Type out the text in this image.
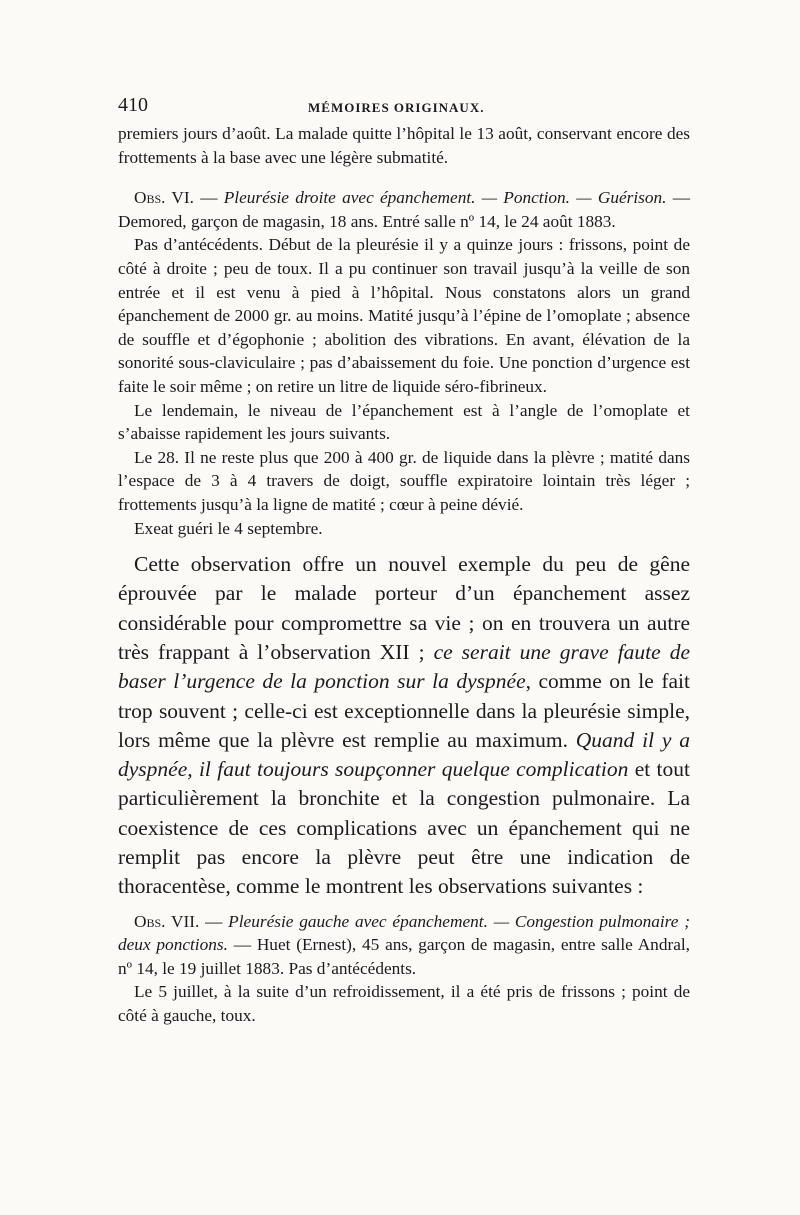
410	MÉMOIRES ORIGINAUX.

premiers jours d’août. La malade quitte l’hôpital le 13 août, conservant encore des frottements à la base avec une légère submatité.

Obs. VI. — Pleurésie droite avec épanchement. — Ponction. — Guérison. — Demored, garçon de magasin, 18 ans. Entré salle nº 14, le 24 août 1883.

Pas d’antécédents. Début de la pleurésie il y a quinze jours : frissons, point de côté à droite ; peu de toux. Il a pu continuer son travail jusqu’à la veille de son entrée et il est venu à pied à l’hôpital. Nous constatons alors un grand épanchement de 2000 gr. au moins. Matité jusqu’à l’épine de l’omoplate ; absence de souffle et d’égophonie ; abolition des vibrations. En avant, élévation de la sonorité sous-claviculaire ; pas d’abaissement du foie. Une ponction d’urgence est faite le soir même ; on retire un litre de liquide séro-fibrineux.

Le lendemain, le niveau de l’épanchement est à l’angle de l’omoplate et s’abaisse rapidement les jours suivants.

Le 28. Il ne reste plus que 200 à 400 gr. de liquide dans la plèvre ; matité dans l’espace de 3 à 4 travers de doigt, souffle expiratoire lointain très léger ; frottements jusqu’à la ligne de matité ; cœur à peine dévié.

Exeat guéri le 4 septembre.

Cette observation offre un nouvel exemple du peu de gêne éprouvée par le malade porteur d’un épanchement assez considérable pour compromettre sa vie ; on en trouvera un autre très frappant à l’observation XII ; ce serait une grave faute de baser l’urgence de la ponction sur la dyspnée, comme on le fait trop souvent ; celle-ci est exceptionnelle dans la pleurésie simple, lors même que la plèvre est remplie au maximum. Quand il y a dyspnée, il faut toujours soupçonner quelque complication et tout particulièrement la bronchite et la congestion pulmonaire. La coexistence de ces complications avec un épanchement qui ne remplit pas encore la plèvre peut être une indication de thoracentèse, comme le montrent les observations suivantes :

Obs. VII. — Pleurésie gauche avec épanchement. — Congestion pulmonaire ; deux ponctions. — Huet (Ernest), 45 ans, garçon de magasin, entre salle Andral, nº 14, le 19 juillet 1883. Pas d’antécédents.

Le 5 juillet, à la suite d’un refroidissement, il a été pris de frissons ; point de côté à gauche, toux.
